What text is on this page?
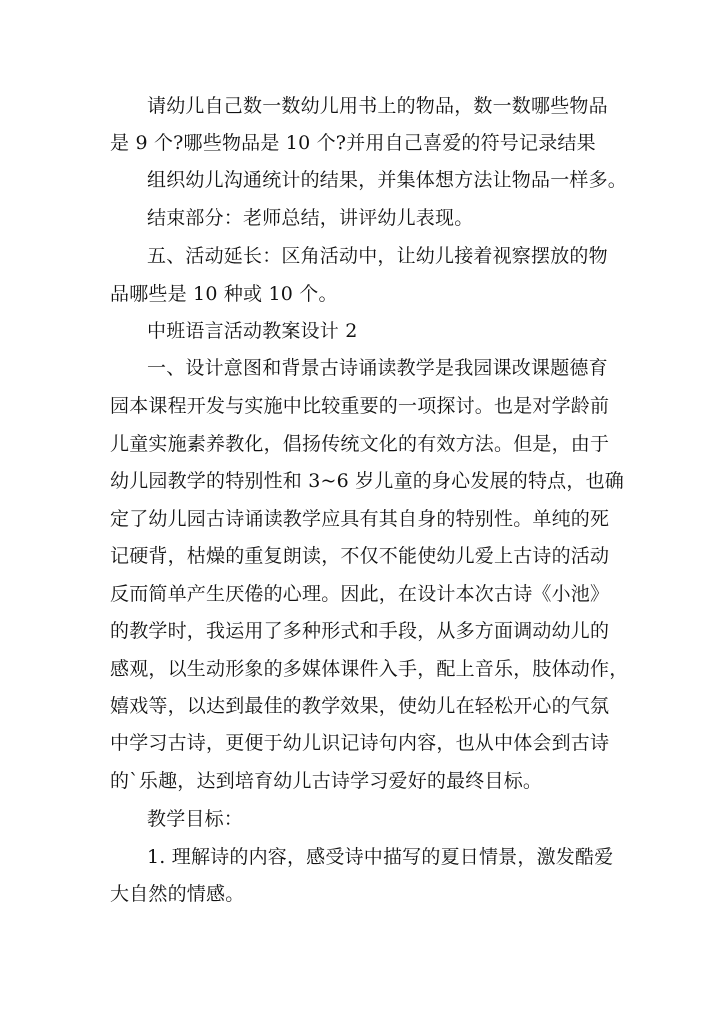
请幼儿自己数一数幼儿用书上的物品，数一数哪些物品
是 9 个?哪些物品是 10 个?并用自己喜爱的符号记录结果
组织幼儿沟通统计的结果，并集体想方法让物品一样多。
结束部分：老师总结，讲评幼儿表现。
五、活动延长：区角活动中，让幼儿接着视察摆放的物
品哪些是 10 种或 10 个。
中班语言活动教案设计 2
一、设计意图和背景古诗诵读教学是我园课改课题德育
园本课程开发与实施中比较重要的一项探讨。也是对学龄前
儿童实施素养教化，倡扬传统文化的有效方法。但是，由于
幼儿园教学的特别性和 3~6 岁儿童的身心发展的特点，也确
定了幼儿园古诗诵读教学应具有其自身的特别性。单纯的死
记硬背，枯燥的重复朗读，不仅不能使幼儿爱上古诗的活动
反而简单产生厌倦的心理。因此，在设计本次古诗《小池》
的教学时，我运用了多种形式和手段，从多方面调动幼儿的
感观，以生动形象的多媒体课件入手，配上音乐，肢体动作，
嬉戏等，以达到最佳的教学效果，使幼儿在轻松开心的气氛
中学习古诗，更便于幼儿识记诗句内容，也从中体会到古诗
的`乐趣，达到培育幼儿古诗学习爱好的最终目标。
教学目标：
1. 理解诗的内容，感受诗中描写的夏日情景，激发酷爱
大自然的情感。
